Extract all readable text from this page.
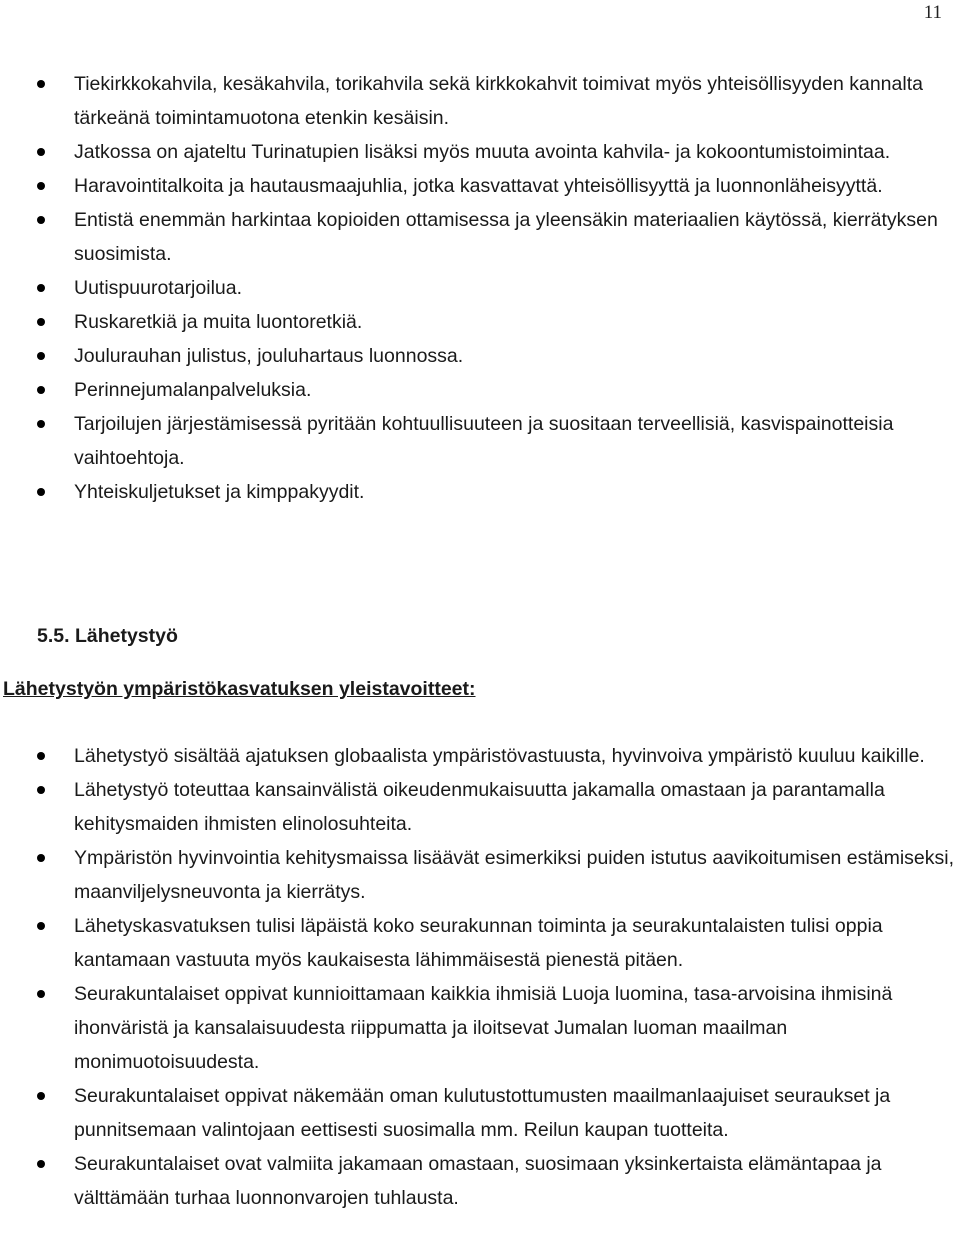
11
Tiekirkkokahvila, kesäkahvila, torikahvila sekä kirkkokahvit toimivat myös yhteisöllisyyden kannalta tärkeänä toimintamuotona etenkin kesäisin.
Jatkossa on ajateltu Turinatupien lisäksi myös muuta avointa kahvila- ja kokoontumistoimintaa.
Haravointitalkoita ja hautausmaajuhlia, jotka kasvattavat yhteisöllisyyttä ja luonnonläheisyyttä.
Entistä enemmän harkintaa kopioiden ottamisessa ja yleensäkin materiaalien käytössä, kierrätyksen suosimista.
Uutispuurotarjoilua.
Ruskaretkiä ja muita luontoretkiä.
Joulurauhan julistus, jouluhartaus luonnossa.
Perinnejumalanpalveluksia.
Tarjoilujen järjestämisessä pyritään kohtuullisuuteen ja suositaan terveellisiä, kasvispainotteisia vaihtoehtoja.
Yhteiskuljetukset ja kimppakyydit.
5.5. Lähetystyö
Lähetystyön ympäristökasvatuksen yleistavoitteet:
Lähetystyö sisältää ajatuksen globaalista ympäristövastuusta, hyvinvoiva ympäristö kuuluu kaikille.
Lähetystyö toteuttaa kansainvälistä oikeudenmukaisuutta jakamalla omastaan ja parantamalla kehitysmaiden ihmisten elinolosuhteita.
Ympäristön hyvinvointia kehitysmaissa lisäävät esimerkiksi puiden istutus aavikoitumisen estämiseksi, maanviljelysneuvonta ja kierrätys.
Lähetyskasvatuksen tulisi läpäistä koko seurakunnan toiminta ja seurakuntalaisten tulisi oppia kantamaan vastuuta myös kaukaisesta lähimmäisestä pienestä pitäen.
Seurakuntalaiset oppivat kunnioittamaan kaikkia ihmisiä Luoja luomina, tasa-arvoisina ihmisinä ihonväristä ja kansalaisuudesta riippumatta ja iloitsevat Jumalan luoman maailman monimuotoisuudesta.
Seurakuntalaiset oppivat näkemään oman kulutustottumusten maailmanlaajuiset seuraukset ja punnitsemaan valintojaan eettisesti suosimalla mm. Reilun kaupan tuotteita.
Seurakuntalaiset ovat valmiita jakamaan omastaan, suosimaan yksinkertaista elämäntapaa ja välttämään turhaa luonnonvarojen tuhlausta.
